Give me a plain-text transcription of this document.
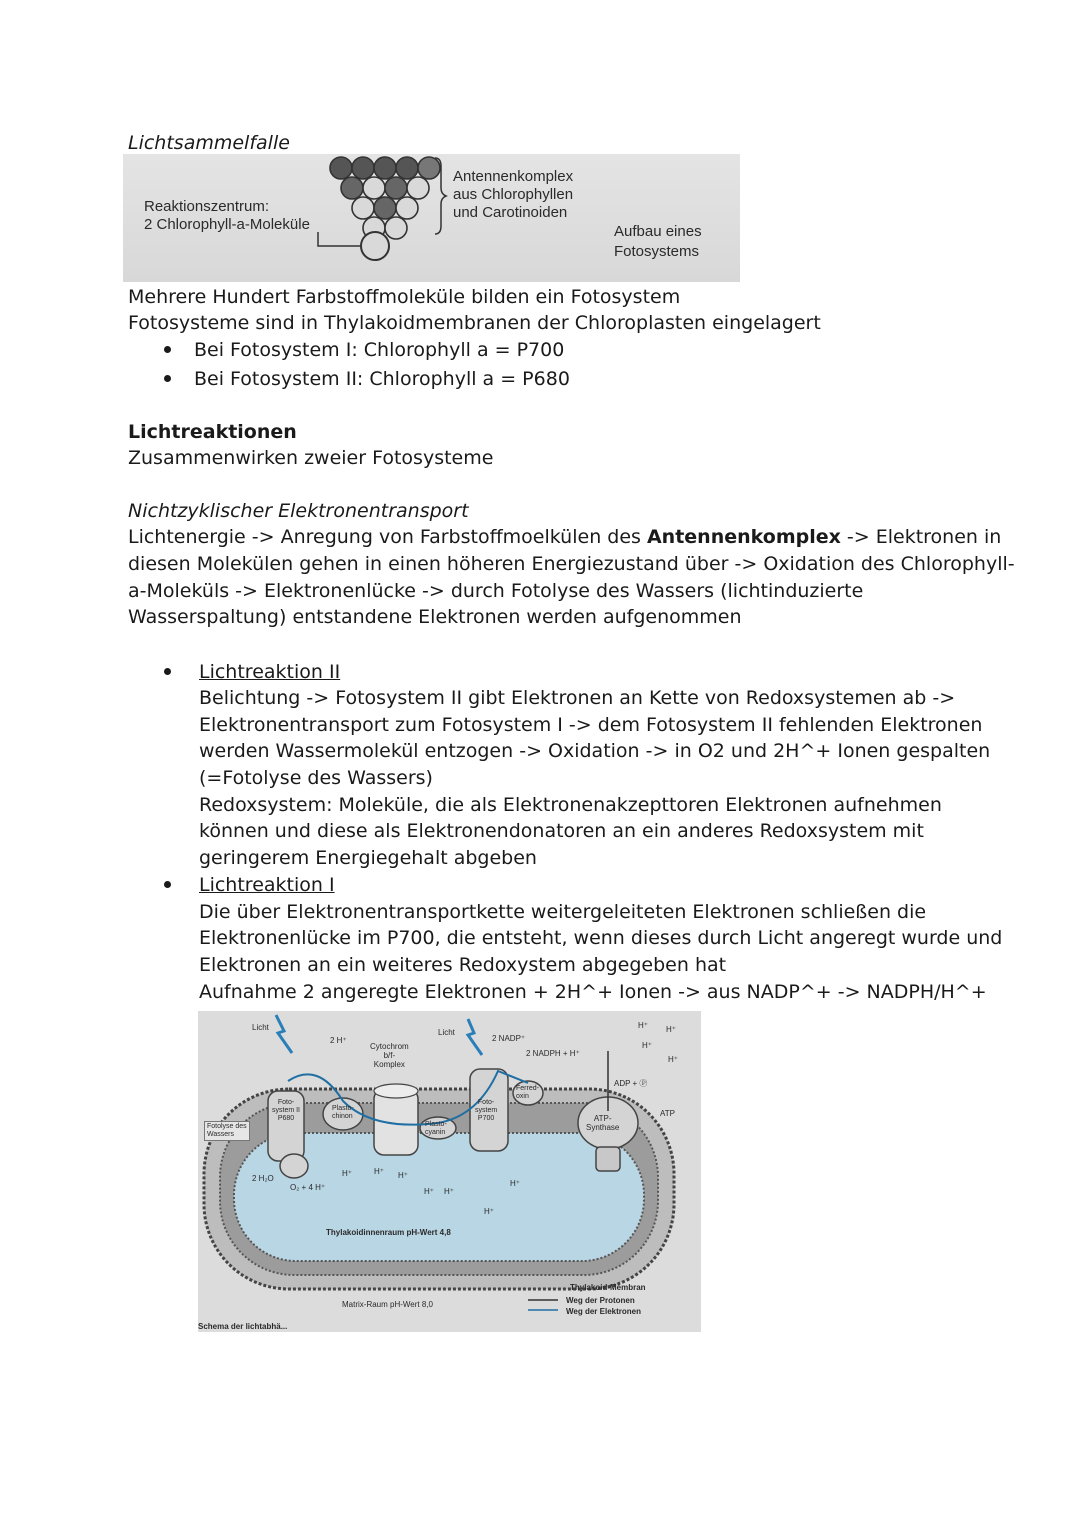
Lichtsammelfalle

Reaktionszentrum:
2 Chlorophyll-a-Moleküle
Antennenkomplex
aus Chlorophyllen
und Carotinoiden
Aufbau eines
Fotosystems

Mehrere Hundert Farbstoffmoleküle bilden ein Fotosystem

Fotosysteme sind in Thylakoidmembranen der Chloroplasten eingelagert

Bei Fotosystem I: Chlorophyll a = P700

Bei Fotosystem II: Chlorophyll a = P680

Lichtreaktionen

Zusammenwirken zweier Fotosysteme

Nichtzyklischer Elektronentransport

Lichtenergie -> Anregung von Farbstoffmoelkülen des Antennenkomplex -> Elektronen in

diesen Molekülen gehen in einen höheren Energiezustand über -> Oxidation des Chlorophyll-

a-Moleküls -> Elektronenlücke -> durch Fotolyse des Wassers (lichtinduzierte

Wasserspaltung) entstandene Elektronen werden aufgenommen

Lichtreaktion II

Belichtung -> Fotosystem II gibt Elektronen an Kette von Redoxsystemen ab ->

Elektronentransport zum Fotosystem I -> dem Fotosystem II fehlenden Elektronen

werden Wassermolekül entzogen -> Oxidation -> in O2 und 2H^+ Ionen gespalten

(=Fotolyse des Wassers)

Redoxsystem: Moleküle, die als Elektronenakzepttoren Elektronen aufnehmen

können und diese als Elektronendonatoren an ein anderes Redoxsystem mit

geringerem Energiegehalt abgeben

Lichtreaktion I

Die über Elektronentransportkette weitergeleiteten Elektronen schließen die

Elektronenlücke im P700, die entsteht, wenn dieses durch Licht angeregt wurde und

Elektronen an ein weiteres Redoxystem abgegeben hat

Aufnahme 2 angeregte Elektronen + 2H^+ Ionen -> aus NADP^+ -> NADPH/H^+

Licht
Licht
2 H⁺
Cytochrom
b/f-
Komplex
2 NADP⁺
2 NADPH + H⁺
ADP + Ⓟ
ATP
Foto-
system II
P680
Plasto-
chinon
Plasto-
cyanin
Foto-
system
P700
Ferred-
oxin
ATP-
Synthase
Fotolyse des
Wassers
2 H₂O
O₂ + 4 H⁺
H⁺	H⁺ H⁺
H⁺ H⁺
H⁺
H⁺
H⁺ H⁺
H⁺
H⁺
Thylakoidinnenraum pH-Wert 4,8
Matrix-Raum pH-Wert 8,0
Thylakoid-Membran
Weg der Protonen
Weg der Elektronen
Schema der lichtabhä...
